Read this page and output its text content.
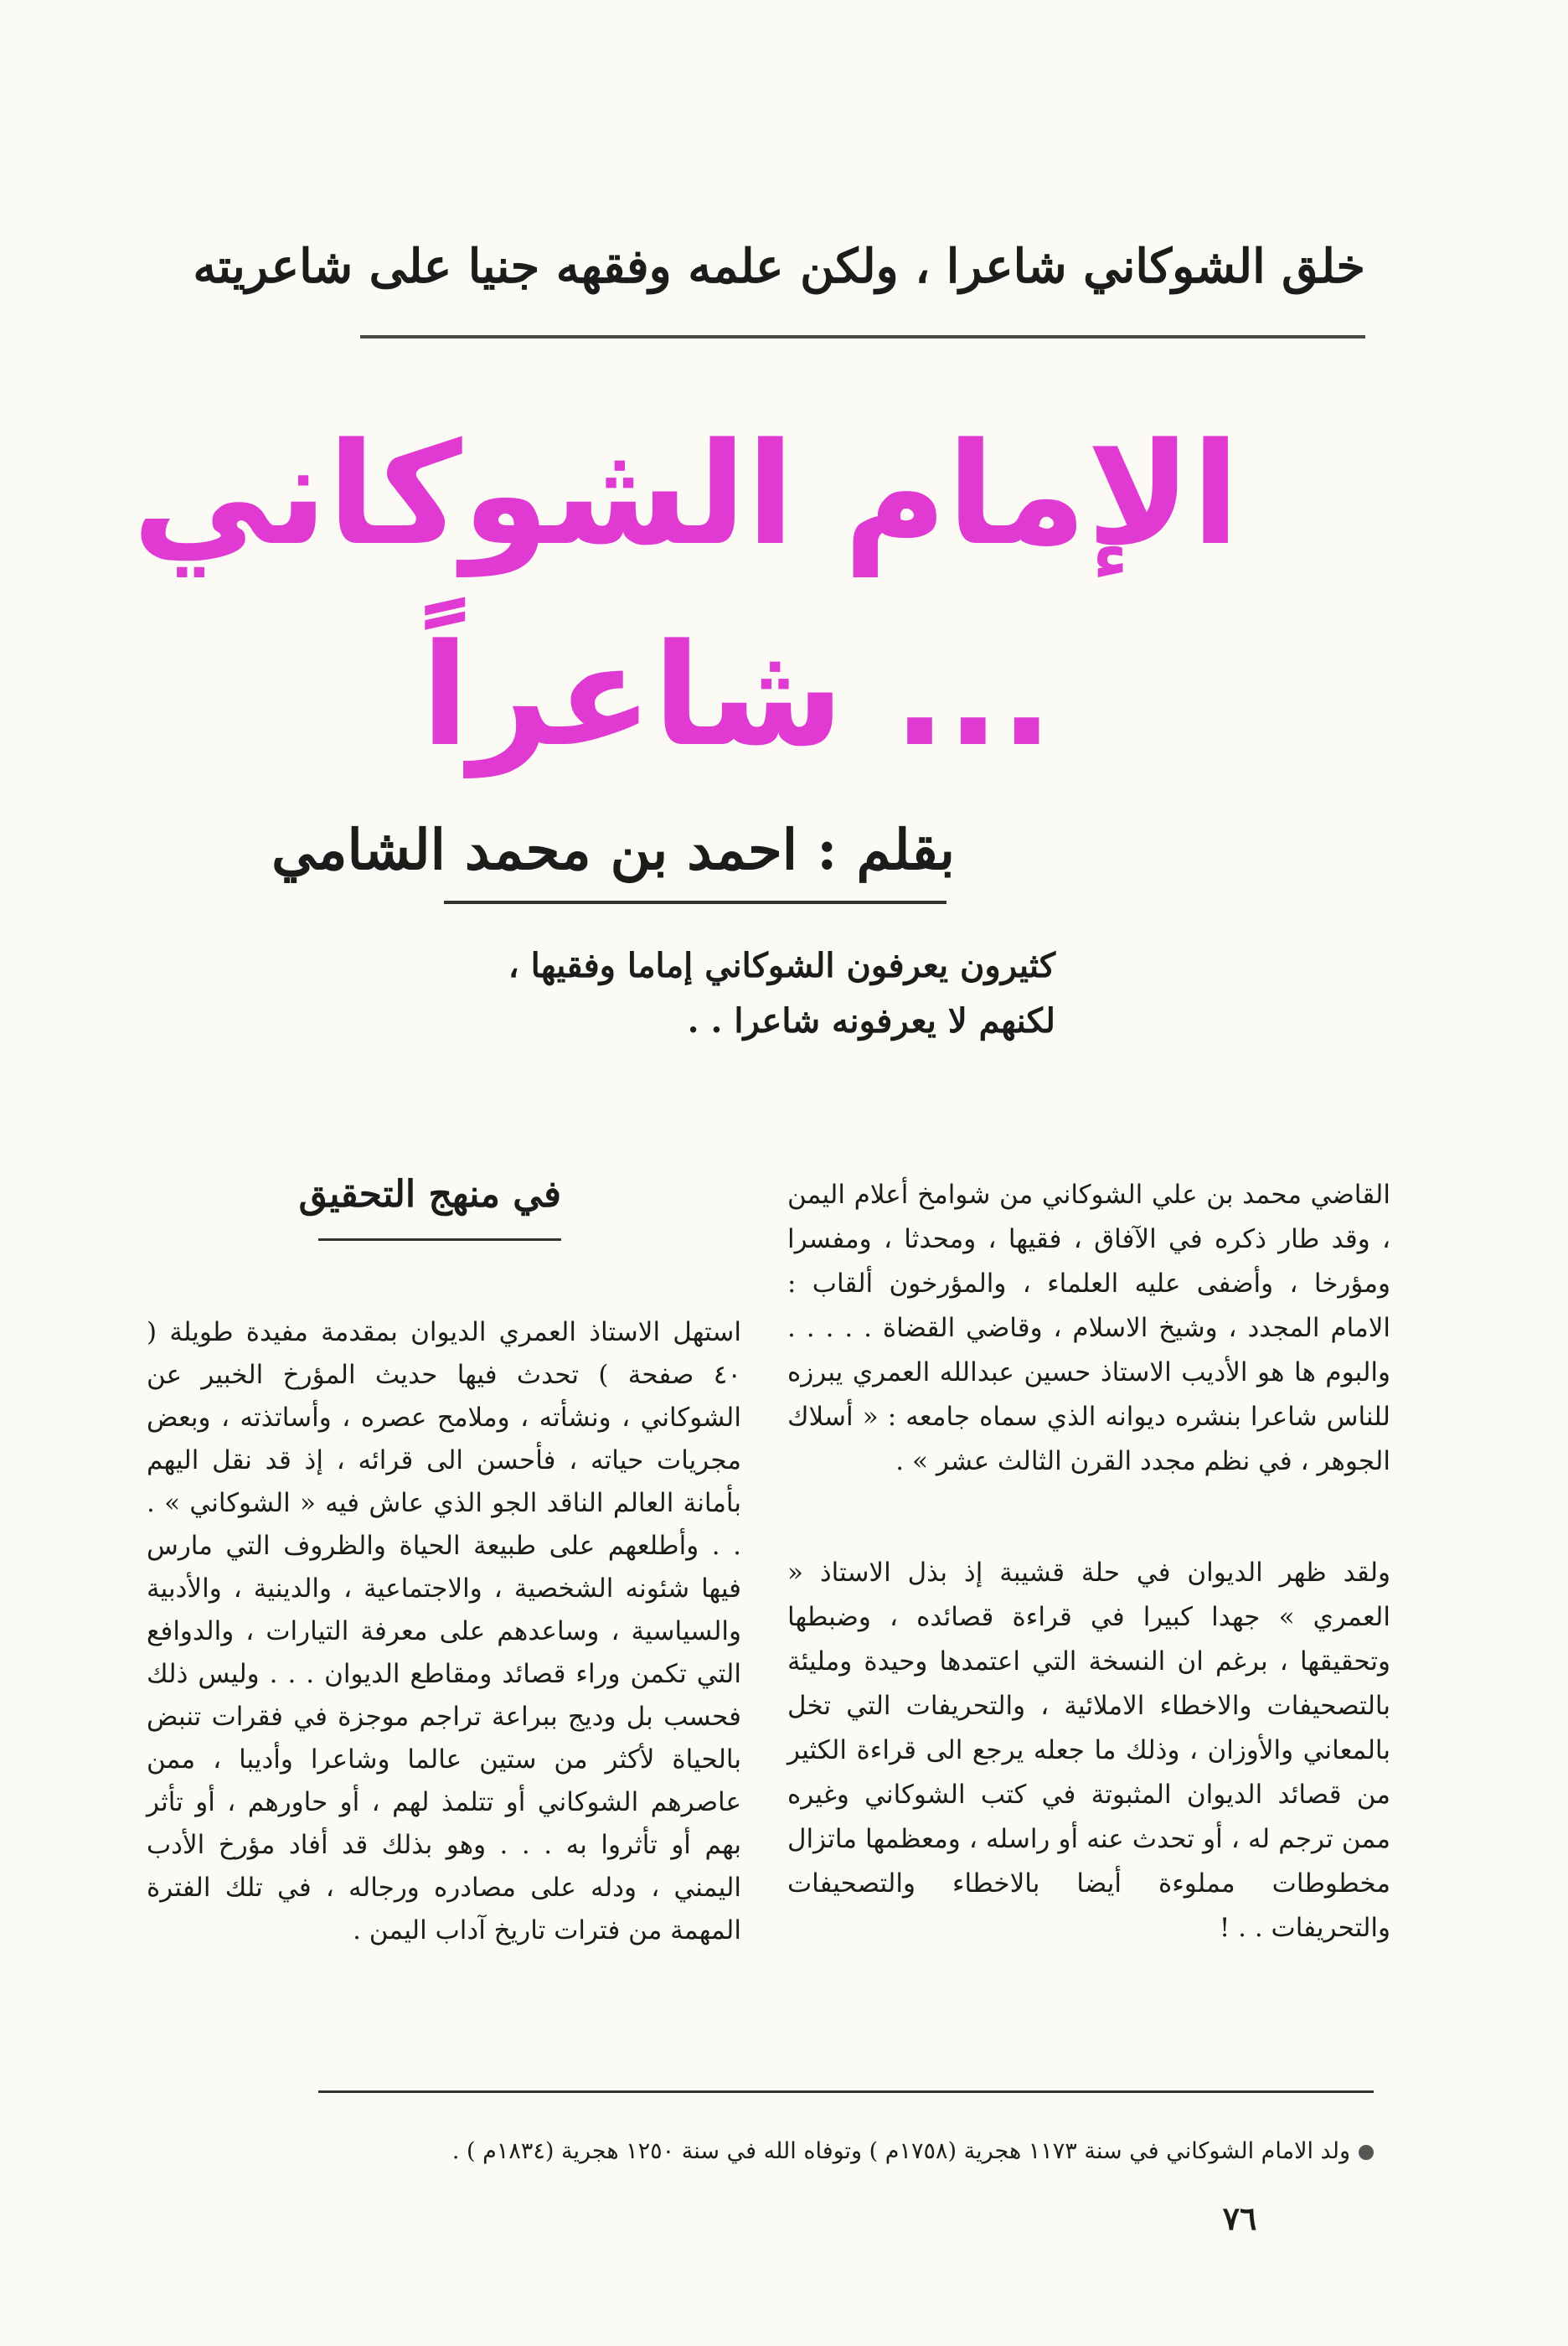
خلق الشوكاني شاعرا ، ولكن علمه وفقهه جنيا على شاعريته
الإمام الشوكاني
... شاعراً
بقلم : احمد بن محمد الشامي
كثيرون يعرفون الشوكاني إماما وفقيها ،
لكنهم لا يعرفونه شاعرا . .

القاضي محمد بن علي الشوكاني من شوامخ أعلام اليمن ، وقد طار ذكره في الآفاق ، فقيها ، ومحدثا ، ومفسرا ومؤرخا ، وأضفى عليه العلماء ، والمؤرخون ألقاب : الامام المجدد ، وشيخ الاسلام ، وقاضي القضاة . . . . . والبوم ها هو الأديب الاستاذ حسين عبدالله العمري يبرزه للناس شاعرا بنشره ديوانه الذي سماه جامعه : « أسلاك الجوهر ، في نظم مجدد القرن الثالث عشر » .

ولقد ظهر الديوان في حلة قشيبة إذ بذل الاستاذ « العمري » جهدا كبيرا في قراءة قصائده ، وضبطها وتحقيقها ، برغم ان النسخة التي اعتمدها وحيدة ومليئة بالتصحيفات والاخطاء الاملائية ، والتحريفات التي تخل بالمعاني والأوزان ، وذلك ما جعله يرجع الى قراءة الكثير من قصائد الديوان المثبوتة في كتب الشوكاني وغيره ممن ترجم له ، أو تحدث عنه أو راسله ، ومعظمها ماتزال مخطوطات مملوءة أيضا بالاخطاء والتصحيفات والتحريفات . . !

في منهج التحقيق

استهل الاستاذ العمري الديوان بمقدمة مفيدة طويلة ( ٤٠ صفحة ) تحدث فيها حديث المؤرخ الخبير عن الشوكاني ، ونشأته ، وملامح عصره ، وأساتذته ، وبعض مجريات حياته ، فأحسن الى قرائه ، إذ قد نقل اليهم بأمانة العالم الناقد الجو الذي عاش فيه « الشوكاني » . . . وأطلعهم على طبيعة الحياة والظروف التي مارس فيها شئونه الشخصية ، والاجتماعية ، والدينية ، والأدبية والسياسية ، وساعدهم على معرفة التيارات ، والدوافع التي تكمن وراء قصائد ومقاطع الديوان . . . وليس ذلك فحسب بل وديج ببراعة تراجم موجزة في فقرات تنبض بالحياة لأكثر من ستين عالما وشاعرا وأديبا ، ممن عاصرهم الشوكاني أو تتلمذ لهم ، أو حاورهم ، أو تأثر بهم أو تأثروا به . . . وهو بذلك قد أفاد مؤرخ الأدب اليمني ، ودله على مصادره ورجاله ، في تلك الفترة المهمة من فترات تاريخ آداب اليمن .

ولد الامام الشوكاني في سنة ١١٧٣ هجرية (١٧٥٨م ) وتوفاه الله في سنة ١٢٥٠ هجرية (١٨٣٤م ) .
٧٦
